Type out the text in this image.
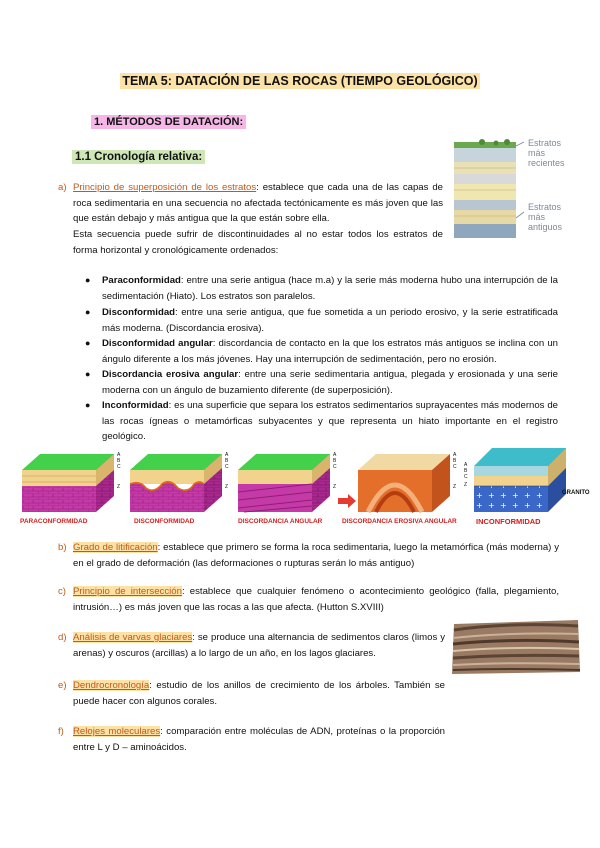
TEMA 5: DATACIÓN DE LAS ROCAS (TIEMPO GEOLÓGICO)
1. MÉTODOS DE DATACIÓN:
1.1 Cronología relativa:
a) Principio de superposición de los estratos: establece que cada una de las capas de roca sedimentaria en una secuencia no afectada tectónicamente es más joven que las que están debajo y más antigua que la que están sobre ella.
Esta secuencia puede sufrir de discontinuidades al no estar todos los estratos de forma horizontal y cronológicamente ordenados:
Estratos más recientes
Estratos más antiguos
● Paraconformidad: entre una serie antigua (hace m.a) y la serie más moderna hubo una interrupción de la sedimentación (Hiato). Los estratos son paralelos.
● Disconformidad: entre una serie antigua, que fue sometida a un periodo erosivo, y la serie estratificada más moderna. (Discordancia erosiva).
● Disconformidad angular: discordancia de contacto en la que los estratos más antiguos se inclina con un ángulo diferente a los más jóvenes. Hay una interrupción de sedimentación, pero no erosión.
● Discordancia erosiva angular: entre una serie sedimentaria antigua, plegada y erosionada y una serie moderna con un ángulo de buzamiento diferente (de superposición).
● Inconformidad: es una superficie que separa los estratos sedimentarios suprayacentes más modernos de las rocas ígneas o metamórficas subyacentes y que representa un hiato importante en el registro geológico.
PARACONFORMIDAD	DISCONFORMIDAD	DISCORDANCIA ANGULAR	DISCORDANCIA EROSIVA ANGULAR	INCONFORMIDAD
A B C
Z
A B C
Z
A B C
Z
A B C
Z
A B C
Z
GRANITO
b) Grado de litificación: establece que primero se forma la roca sedimentaria, luego la metamórfica (más moderna) y en el grado de deformación (las deformaciones o rupturas serán lo más antiguo)
c) Principio de intersección: establece que cualquier fenómeno o acontecimiento geológico (falla, plegamiento, intrusión…) es más joven que las rocas a las que afecta. (Hutton S.XVIII)
d) Análisis de varvas glaciares: se produce una alternancia de sedimentos claros (limos y arenas) y oscuros (arcillas) a lo largo de un año, en los lagos glaciares.
e) Dendrocronología: estudio de los anillos de crecimiento de los árboles. También se puede hacer con algunos corales.
f) Relojes moleculares: comparación entre moléculas de ADN, proteínas o la proporción entre L y D – aminoácidos.
